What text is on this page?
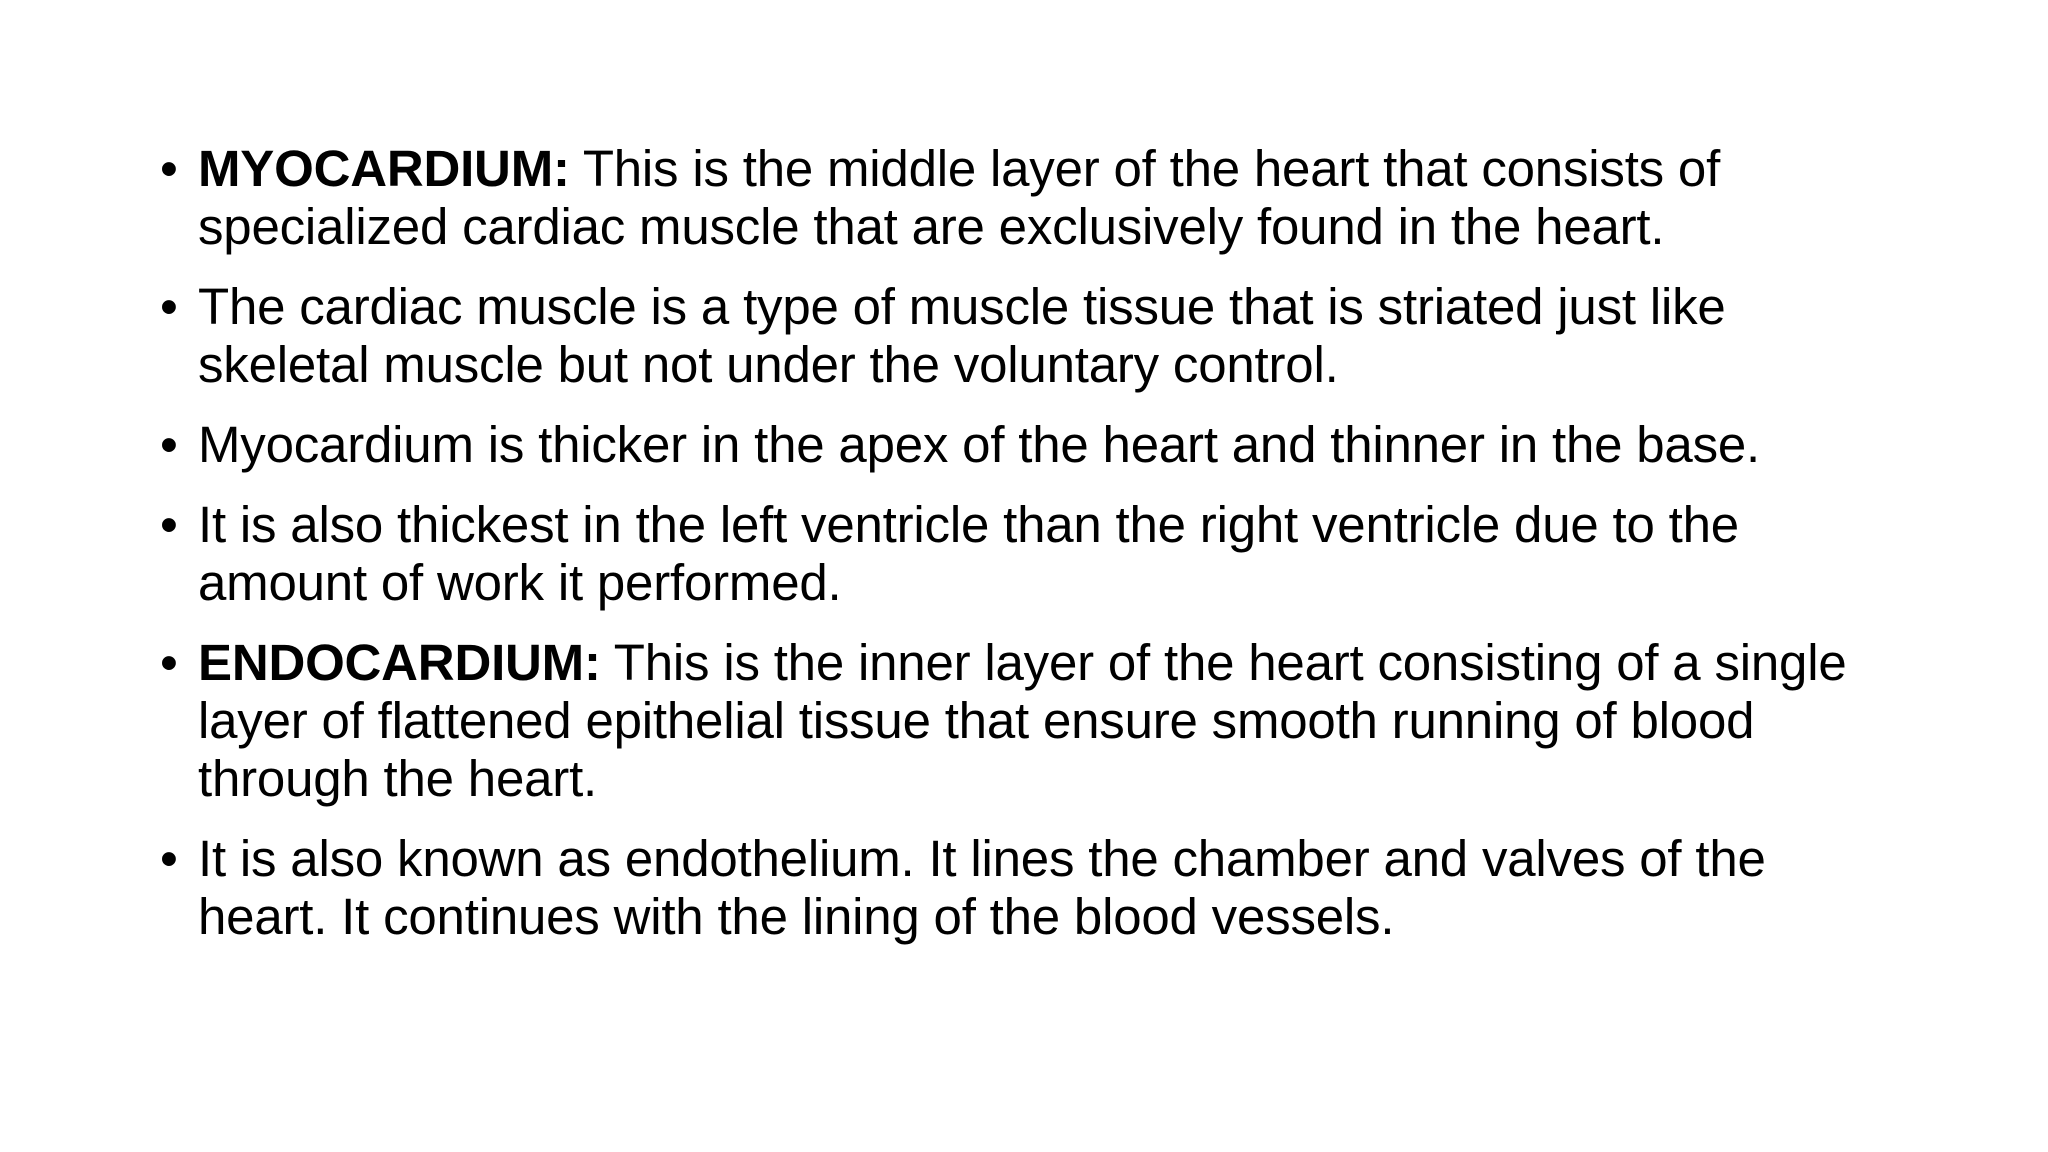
• MYOCARDIUM: This is the middle layer of the heart that consists of specialized cardiac muscle that are exclusively found in the heart.
• The cardiac muscle is a type of muscle tissue that is striated just like skeletal muscle but not under the voluntary control.
• Myocardium is thicker in the apex of the heart and thinner in the base.
• It is also thickest in the left ventricle than the right ventricle due to the amount of work it performed.
• ENDOCARDIUM: This is the inner layer of the heart consisting of a single layer of flattened epithelial tissue that ensure smooth running of blood through the heart.
• It is also known as endothelium. It lines the chamber and valves of the heart. It continues with the lining of the blood vessels.
